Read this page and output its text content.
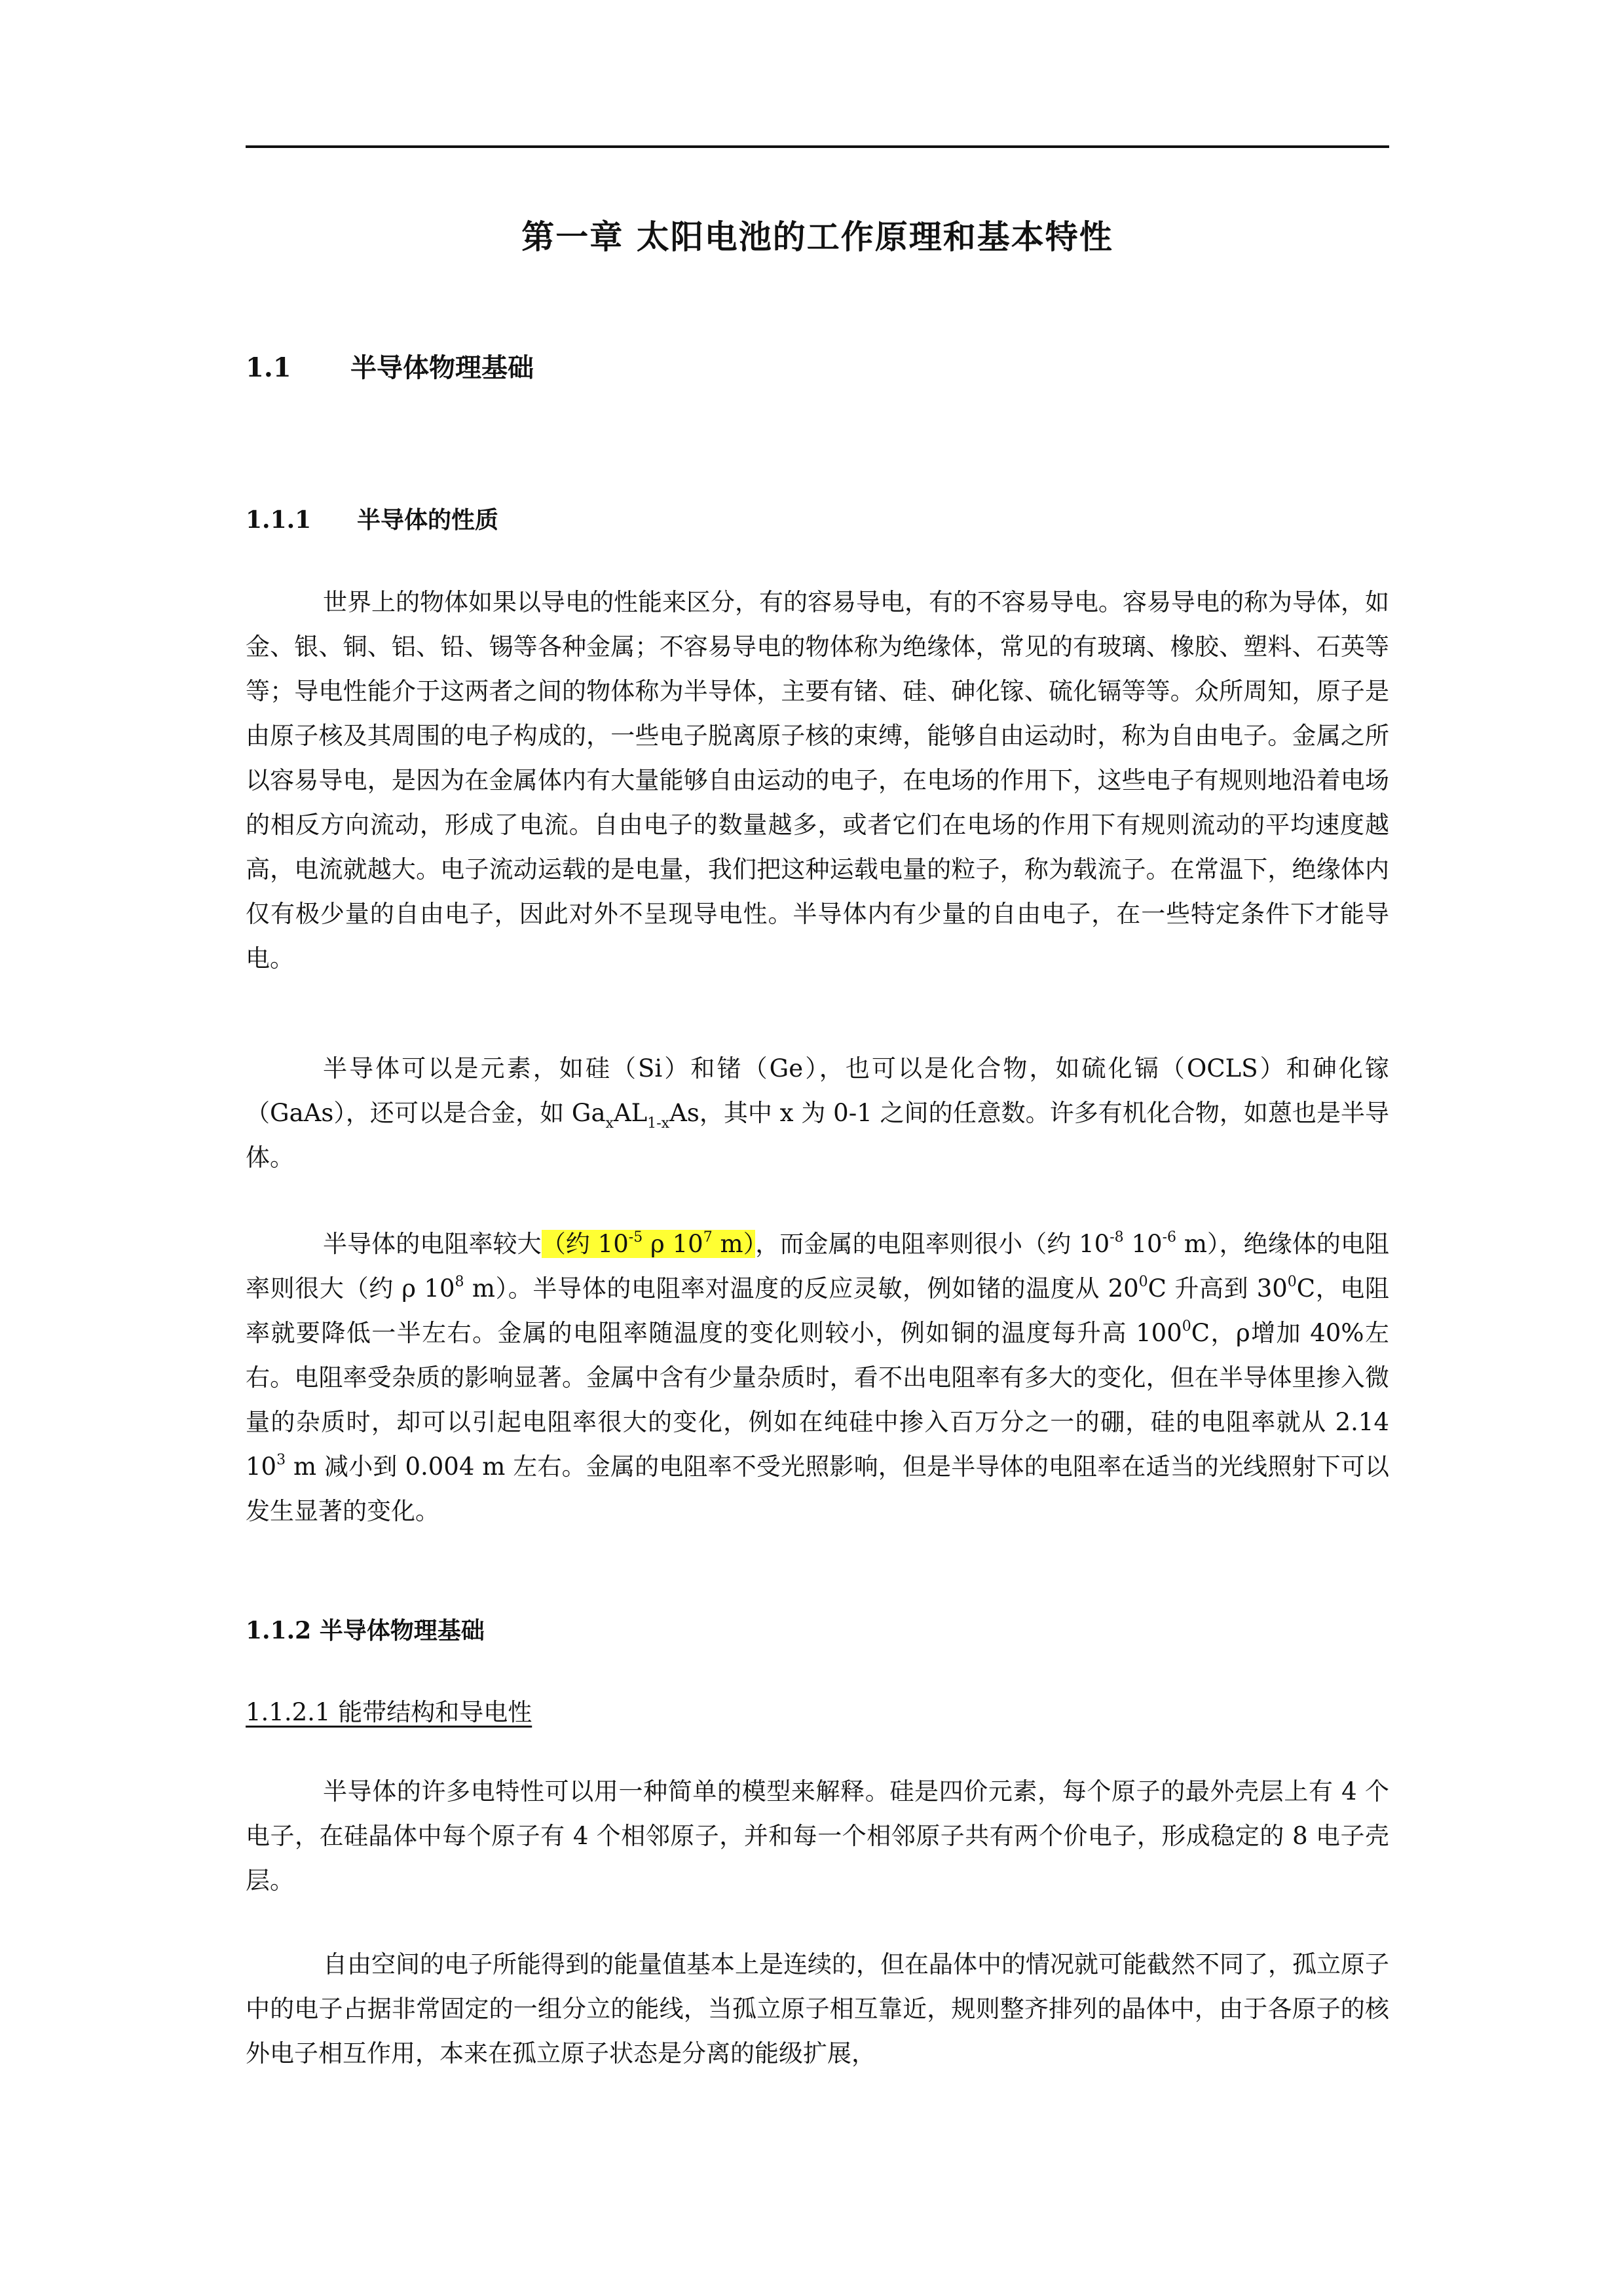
第一章 太阳电池的工作原理和基本特性
1.1 半导体物理基础
1.1.1 半导体的性质

世界上的物体如果以导电的性能来区分，有的容易导电，有的不容易导电。容易导电的称为导体，如金、银、铜、铝、铅、锡等各种金属；不容易导电的物体称为绝缘体，常见的有玻璃、橡胶、塑料、石英等等；导电性能介于这两者之间的物体称为半导体，主要有锗、硅、砷化镓、硫化镉等等。众所周知，原子是由原子核及其周围的电子构成的，一些电子脱离原子核的束缚，能够自由运动时，称为自由电子。金属之所以容易导电，是因为在金属体内有大量能够自由运动的电子，在电场的作用下，这些电子有规则地沿着电场的相反方向流动，形成了电流。自由电子的数量越多，或者它们在电场的作用下有规则流动的平均速度越高，电流就越大。电子流动运载的是电量，我们把这种运载电量的粒子，称为载流子。在常温下，绝缘体内仅有极少量的自由电子，因此对外不呈现导电性。半导体内有少量的自由电子，在一些特定条件下才能导电。

半导体可以是元素，如硅（Si）和锗（Ge），也可以是化合物，如硫化镉（OCLS）和砷化镓（GaAs），还可以是合金，如 $Ga_xAL_{1-x}As$，其中 x 为 0-1 之间的任意数。许多有机化合物，如蒽也是半导体。

半导体的电阻率较大（约 $10^{-5}$ ρ $10^7$ m），而金属的电阻率则很小（约 $10^{-8}$ $10^{-6}$ m），绝缘体的电阻率则很大（约 ρ $10^8$ m）。半导体的电阻率对温度的反应灵敏，例如锗的温度从 $20^0C$ 升高到 $30^0C$，电阻率就要降低一半左右。金属的电阻率随温度的变化则较小，例如铜的温度每升高 $100^0C$，ρ增加 40%左右。电阻率受杂质的影响显著。金属中含有少量杂质时，看不出电阻率有多大的变化，但在半导体里掺入微量的杂质时，却可以引起电阻率很大的变化，例如在纯硅中掺入百万分之一的硼，硅的电阻率就从 2.14 $10^3$ m 减小到 0.004 m 左右。金属的电阻率不受光照影响，但是半导体的电阻率在适当的光线照射下可以发生显著的变化。

1.1.2 半导体物理基础
1.1.2.1 能带结构和导电性

半导体的许多电特性可以用一种简单的模型来解释。硅是四价元素，每个原子的最外壳层上有 4 个电子，在硅晶体中每个原子有 4 个相邻原子，并和每一个相邻原子共有两个价电子，形成稳定的 8 电子壳层。

自由空间的电子所能得到的能量值基本上是连续的，但在晶体中的情况就可能截然不同了，孤立原子中的电子占据非常固定的一组分立的能线，当孤立原子相互靠近，规则整齐排列的晶体中，由于各原子的核外电子相互作用，本来在孤立原子状态是分离的能级扩展，
